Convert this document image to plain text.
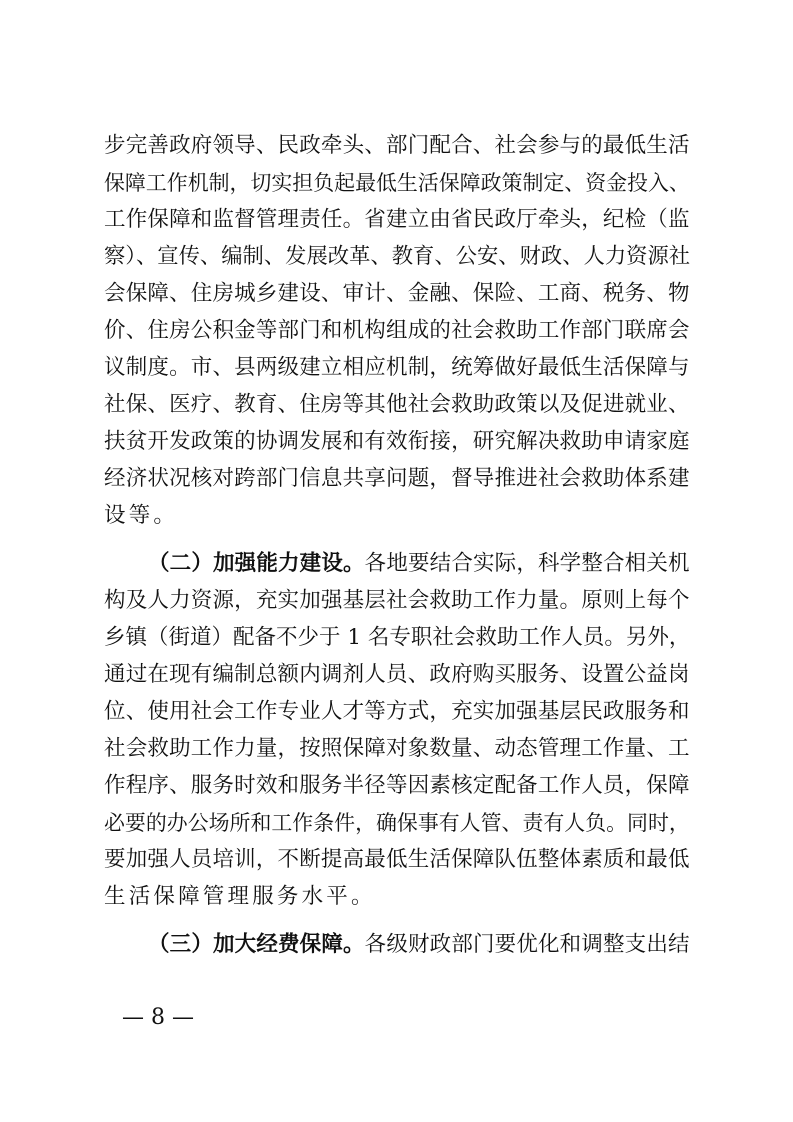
步完善政府领导、民政牵头、部门配合、社会参与的最低生活
保障工作机制，切实担负起最低生活保障政策制定、资金投入、
工作保障和监督管理责任。省建立由省民政厅牵头，纪检（监
察）、宣传、编制、发展改革、教育、公安、财政、人力资源社
会保障、住房城乡建设、审计、金融、保险、工商、税务、物
价、住房公积金等部门和机构组成的社会救助工作部门联席会
议制度。市、县两级建立相应机制，统筹做好最低生活保障与
社保、医疗、教育、住房等其他社会救助政策以及促进就业、
扶贫开发政策的协调发展和有效衔接，研究解决救助申请家庭
经济状况核对跨部门信息共享问题，督导推进社会救助体系建
设等。
（二）加强能力建设。各地要结合实际，科学整合相关机
构及人力资源，充实加强基层社会救助工作力量。原则上每个
乡镇（街道）配备不少于 1 名专职社会救助工作人员。另外，
通过在现有编制总额内调剂人员、政府购买服务、设置公益岗
位、使用社会工作专业人才等方式，充实加强基层民政服务和
社会救助工作力量，按照保障对象数量、动态管理工作量、工
作程序、服务时效和服务半径等因素核定配备工作人员，保障
必要的办公场所和工作条件，确保事有人管、责有人负。同时，
要加强人员培训，不断提高最低生活保障队伍整体素质和最低
生活保障管理服务水平。
（三）加大经费保障。各级财政部门要优化和调整支出结
— 8 —
